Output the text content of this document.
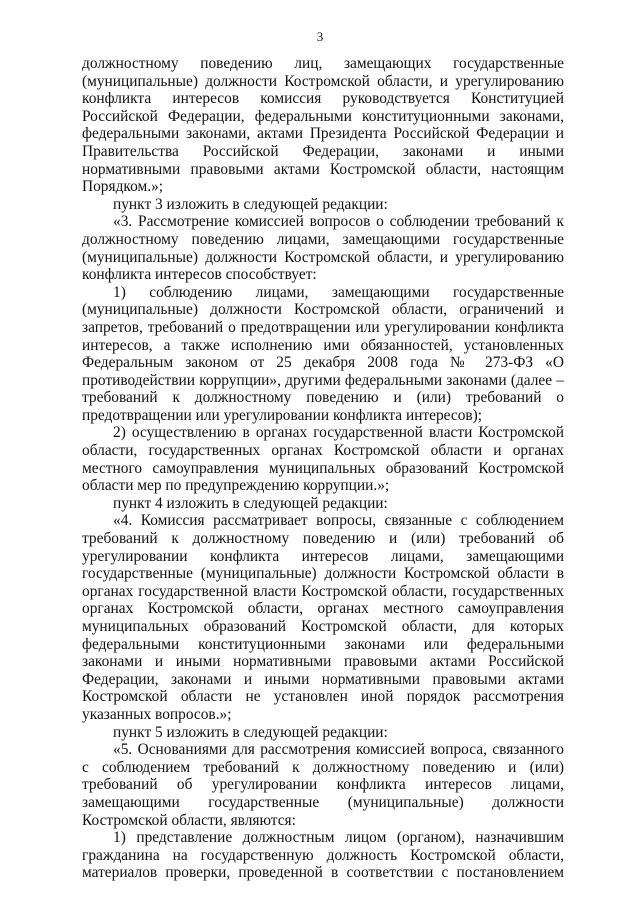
3

должностному поведению лиц, замещающих государственные (муниципальные) должности Костромской области, и урегулированию конфликта интересов комиссия руководствуется Конституцией Российской Федерации, федеральными конституционными законами, федеральными законами, актами Президента Российской Федерации и Правительства Российской Федерации, законами и иными нормативными правовыми актами Костромской области, настоящим Порядком.»;

пункт 3 изложить в следующей редакции:

«3. Рассмотрение комиссией вопросов о соблюдении требований к должностному поведению лицами, замещающими государственные (муниципальные) должности Костромской области, и урегулированию конфликта интересов способствует:

1) соблюдению лицами, замещающими государственные (муниципальные) должности Костромской области, ограничений и запретов, требований о предотвращении или урегулировании конфликта интересов, а также исполнению ими обязанностей, установленных Федеральным законом от 25 декабря 2008 года № 273-ФЗ «О противодействии коррупции», другими федеральными законами (далее – требований к должностному поведению и (или) требований о предотвращении или урегулировании конфликта интересов);

2) осуществлению в органах государственной власти Костромской области, государственных органах Костромской области и органах местного самоуправления муниципальных образований Костромской области мер по предупреждению коррупции.»;

пункт 4 изложить в следующей редакции:

«4. Комиссия рассматривает вопросы, связанные с соблюдением требований к должностному поведению и (или) требований об урегулировании конфликта интересов лицами, замещающими государственные (муниципальные) должности Костромской области в органах государственной власти Костромской области, государственных органах Костромской области, органах местного самоуправления муниципальных образований Костромской области, для которых федеральными конституционными законами или федеральными законами и иными нормативными правовыми актами Российской Федерации, законами и иными нормативными правовыми актами Костромской области не установлен иной порядок рассмотрения указанных вопросов.»;

пункт 5 изложить в следующей редакции:

«5. Основаниями для рассмотрения комиссией вопроса, связанного с соблюдением требований к должностному поведению и (или) требований об урегулировании конфликта интересов лицами, замещающими государственные (муниципальные) должности Костромской области, являются:

1) представление должностным лицом (органом), назначившим гражданина на государственную должность Костромской области, материалов проверки, проведенной в соответствии с постановлением
